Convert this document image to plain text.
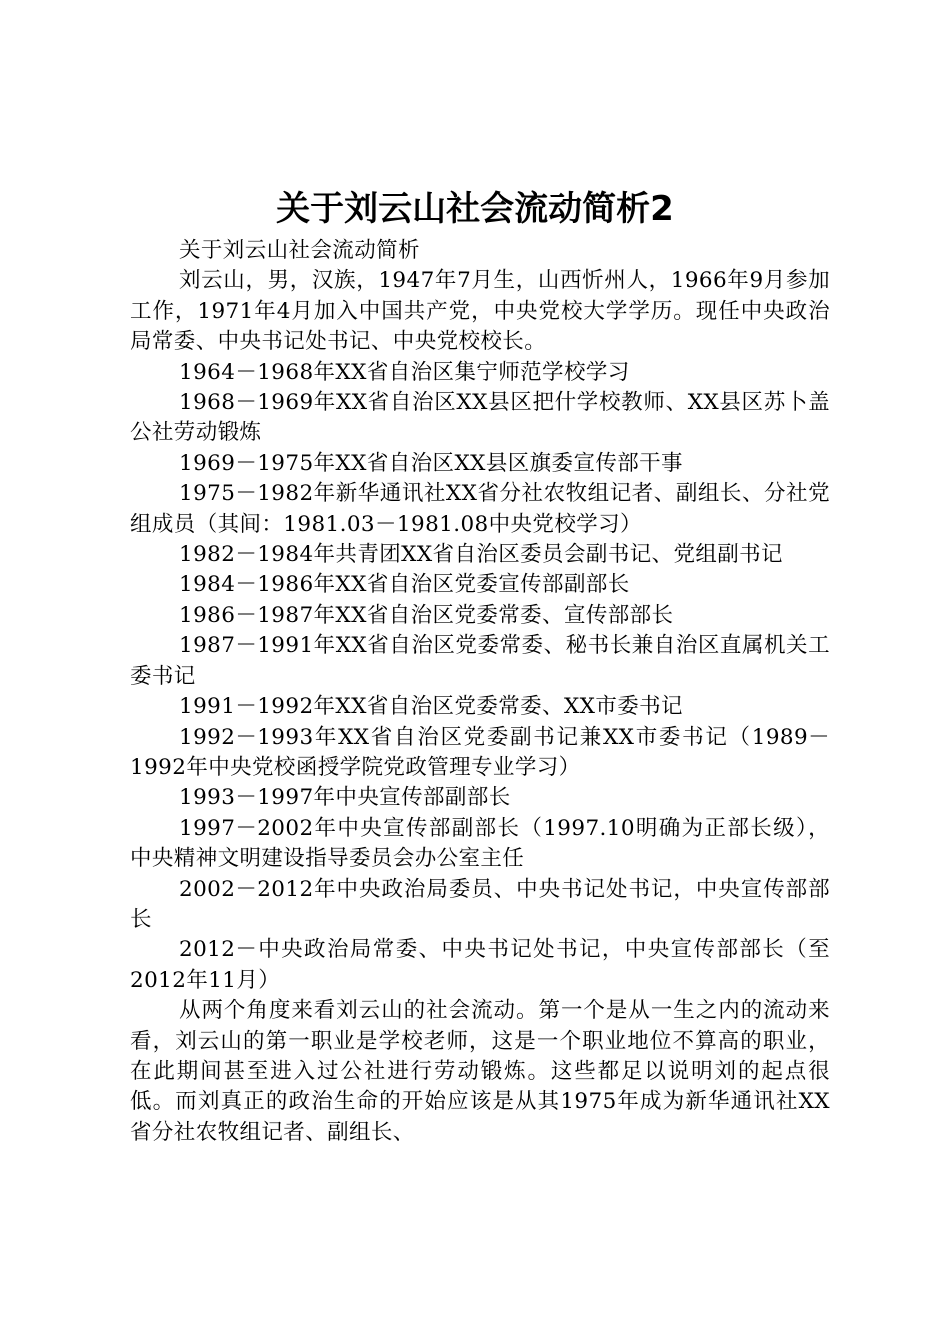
关于刘云山社会流动简析2

关于刘云山社会流动简析

刘云山，男，汉族，1947年7月生，山西忻州人，1966年9月参加工作，1971年4月加入中国共产党，中央党校大学学历。现任中央政治局常委、中央书记处书记、中央党校校长。

1964－1968年XX省自治区集宁师范学校学习

1968－1969年XX省自治区XX县区把什学校教师、XX县区苏卜盖公社劳动锻炼

1969－1975年XX省自治区XX县区旗委宣传部干事

1975－1982年新华通讯社XX省分社农牧组记者、副组长、分社党组成员（其间：1981.03－1981.08中央党校学习）

1982－1984年共青团XX省自治区委员会副书记、党组副书记

1984－1986年XX省自治区党委宣传部副部长

1986－1987年XX省自治区党委常委、宣传部部长

1987－1991年XX省自治区党委常委、秘书长兼自治区直属机关工委书记

1991－1992年XX省自治区党委常委、XX市委书记

1992－1993年XX省自治区党委副书记兼XX市委书记（1989－1992年中央党校函授学院党政管理专业学习）

1993－1997年中央宣传部副部长

1997－2002年中央宣传部副部长（1997.10明确为正部长级），中央精神文明建设指导委员会办公室主任

2002－2012年中央政治局委员、中央书记处书记，中央宣传部部长

2012－中央政治局常委、中央书记处书记，中央宣传部部长（至2012年11月）

从两个角度来看刘云山的社会流动。第一个是从一生之内的流动来看，刘云山的第一职业是学校老师，这是一个职业地位不算高的职业，在此期间甚至进入过公社进行劳动锻炼。这些都足以说明刘的起点很低。而刘真正的政治生命的开始应该是从其1975年成为新华通讯社XX省分社农牧组记者、副组长、
